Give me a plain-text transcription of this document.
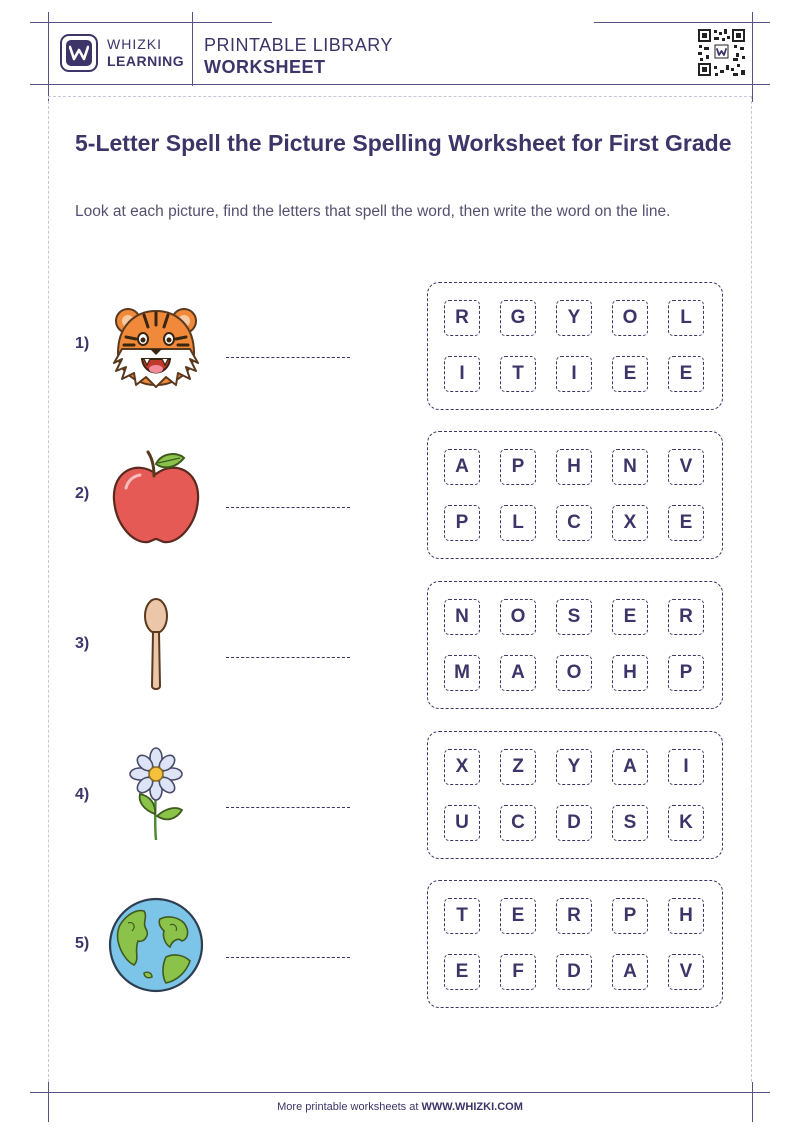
WHIZKI
LEARNING
PRINTABLE LIBRARY
WORKSHEET
5-Letter Spell the Picture Spelling Worksheet for First Grade
Look at each picture, find the letters that spell the word, then write the word on the line.
1)
R	G	Y	O	L
I	T	I	E	E
2)
A	P	H	N	V
P	L	C	X	E
3)
N	O	S	E	R
M	A	O	H	P
4)
X	Z	Y	A	I
U	C	D	S	K
5)
T	E	R	P	H
E	F	D	A	V
More printable worksheets at WWW.WHIZKI.COM
